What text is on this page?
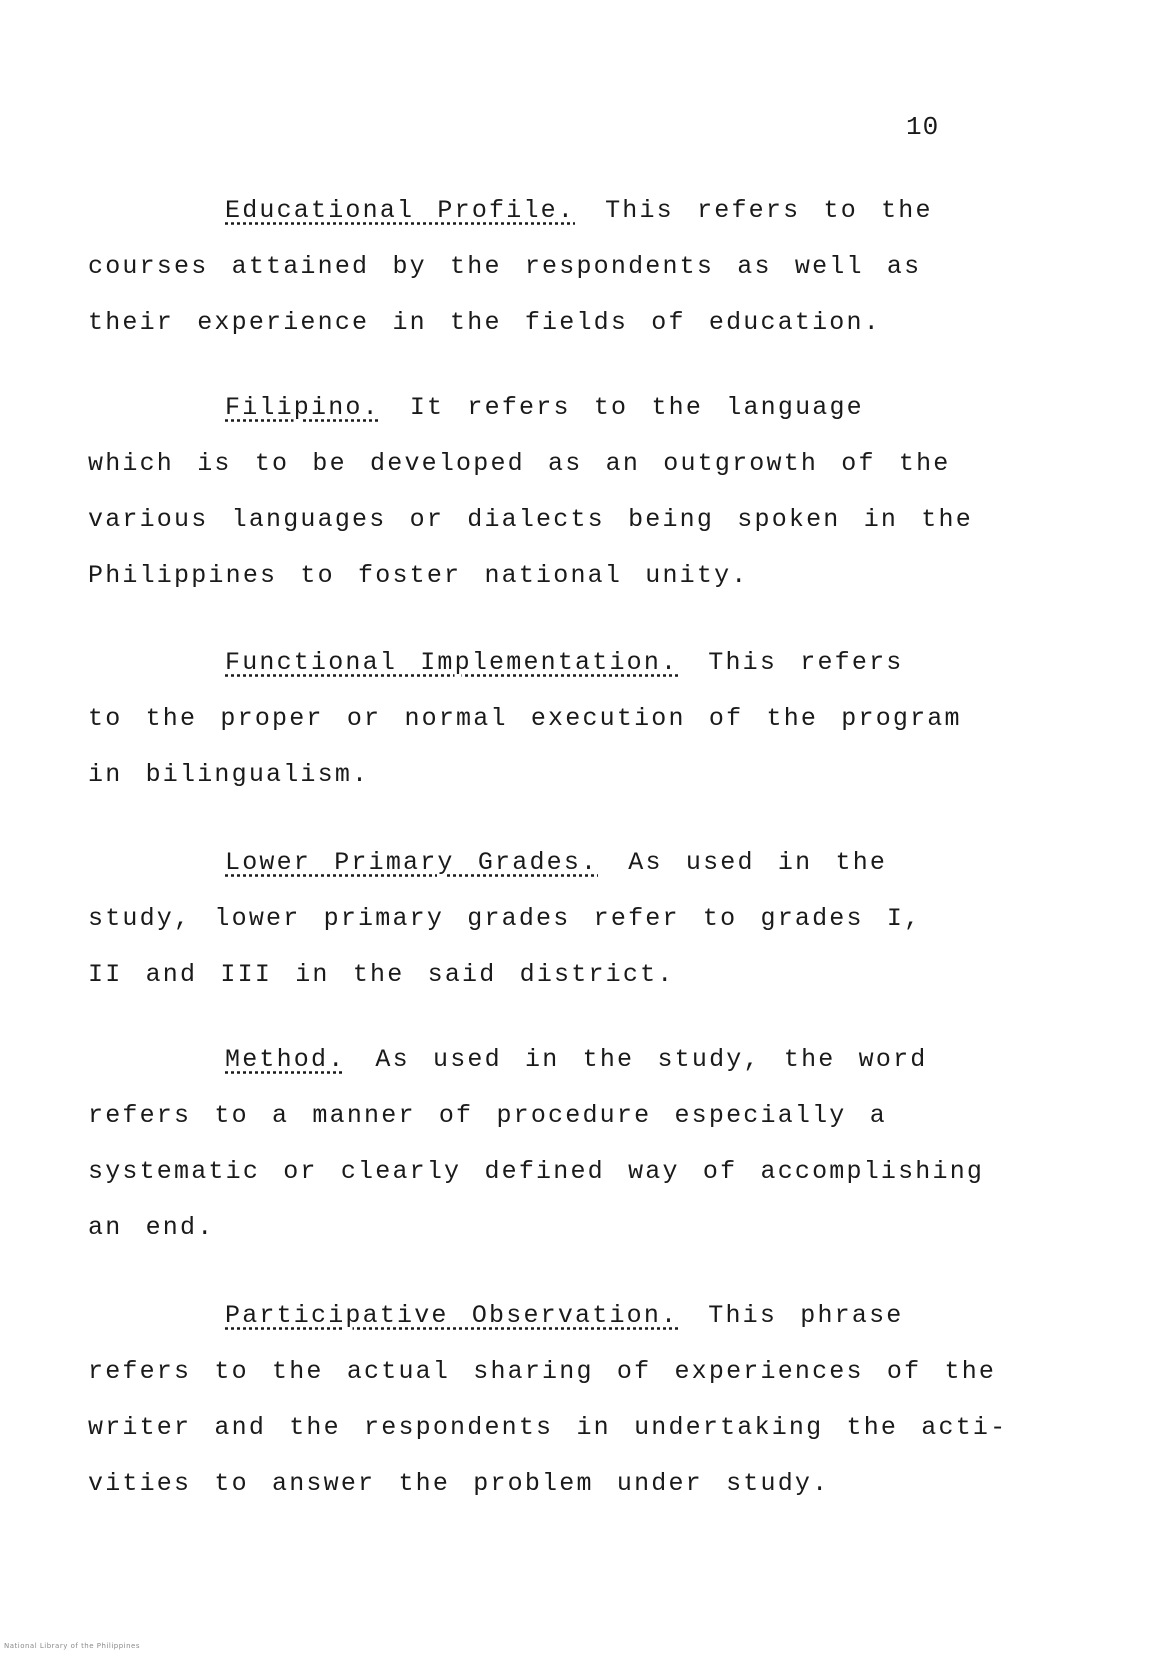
10
Educational Profile. This refers to the
courses attained by the respondents as well as
their experience in the fields of education.
Filipino. It refers to the language
which is to be developed as an outgrowth of the
various languages or dialects being spoken in the
Philippines to foster national unity.
Functional Implementation. This refers
to the proper or normal execution of the program
in bilingualism.
Lower Primary Grades. As used in the
study, lower primary grades refer to grades I,
II and III in the said district.
Method. As used in the study, the word
refers to a manner of procedure especially a
systematic or clearly defined way of accomplishing
an end.
Participative Observation. This phrase
refers to the actual sharing of experiences of the
writer and the respondents in undertaking the acti-
vities to answer the problem under study.
National Library of the Philippines
